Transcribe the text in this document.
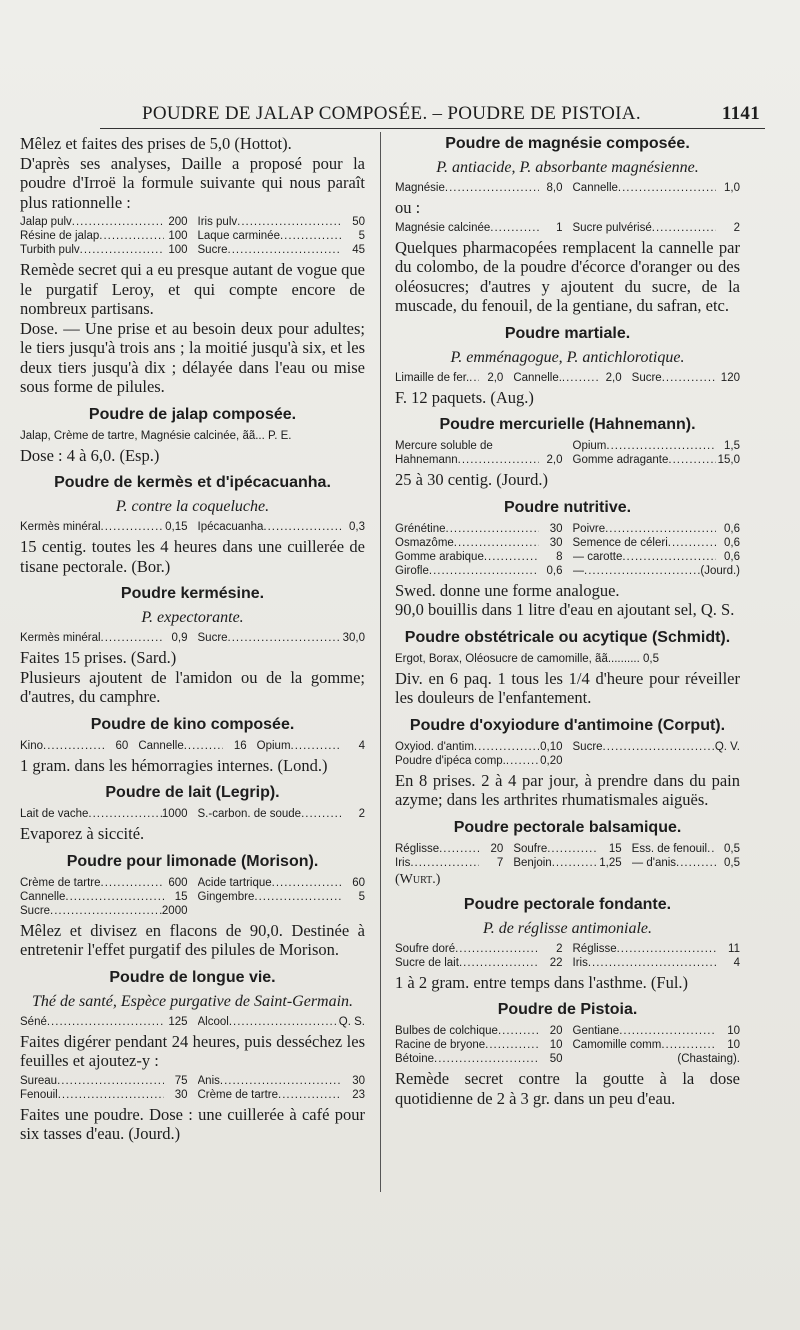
POUDRE DE JALAP COMPOSÉE. – POUDRE DE PISTOIA.	1141

Mêlez et faites des prises de 5,0 (Hottot).

D'après ses analyses, Daille a proposé pour la poudre d'Irroë la formule suivante qui nous paraît plus rationnelle :

Jalap pulv .....	200 Iris pulv .....	50
Résine de jalap .....	100 Laque carminée .....	5
Turbith pulv .....	100 Sucre .....	45

Remède secret qui a eu presque autant de vogue que le purgatif Leroy, et qui compte encore de nombreux partisans.

Dose. — Une prise et au besoin deux pour adultes; le tiers jusqu'à trois ans ; la moitié jusqu'à six, et les deux tiers jusqu'à dix ; délayée dans l'eau ou mise sous forme de pilules.

Poudre de jalap composée.
Jalap, Crème de tartre, Magnésie calcinée, ãã... P. E.

Dose : 4 à 6,0. (Esp.)

Poudre de kermès et d'ipécacuanha.

P. contre la coqueluche.

Kermès minéral .....	0,15 Ipécacuanha .....	0,3

15 centig. toutes les 4 heures dans une cuillerée de tisane pectorale. (Bor.)

Poudre kermésine.

P. expectorante.

Kermès minéral .....	0,9 Sucre .....	30,0

Faites 15 prises. (Sard.)

Plusieurs ajoutent de l'amidon ou de la gomme; d'autres, du camphre.

Poudre de kino composée.
Kino .....	60 Cannelle .....	16 Opium .....	4

1 gram. dans les hémorragies internes. (Lond.)

Poudre de lait (Legrip).
Lait de vache .....	1000 S.-carbon. de soude .....	2

Evaporez à siccité.

Poudre pour limonade (Morison).
Crème de tartre .....	600 Acide tartrique .....	60
Cannelle .....	15 Gingembre .....	5
Sucre .....	2000

Mêlez et divisez en flacons de 90,0. Destinée à entretenir l'effet purgatif des pilules de Morison.

Poudre de longue vie.

Thé de santé, Espèce purgative de Saint-Germain.

Séné .....	125 Alcool .....	Q. S.

Faites digérer pendant 24 heures, puis desséchez les feuilles et ajoutez-y :

Sureau .....	75 Anis .....	30
Fenouil .....	30 Crème de tartre .....	23

Faites une poudre. Dose : une cuillerée à café pour six tasses d'eau. (Jourd.)

Poudre de magnésie composée.

P. antiacide, P. absorbante magnésienne.

Magnésie .....	8,0 Cannelle .....	1,0

ou :

Magnésie calcinée .....	1 Sucre pulvérisé .....	2

Quelques pharmacopées remplacent la cannelle par du colombo, de la poudre d'écorce d'oranger ou des oléosucres; d'autres y ajoutent du sucre, de la muscade, du fenouil, de la gentiane, du safran, etc.

Poudre martiale.

P. emménagogue, P. antichlorotique.

Limaille de fer. .....	2,0 Cannelle. .....	2,0 Sucre .....	120

F. 12 paquets. (Aug.)

Poudre mercurielle (Hahnemann).
Mercure soluble de	Opium .....	1,5
Hahnemann .....	2,0 Gomme adragante .....	15,0

25 à 30 centig. (Jourd.)

Poudre nutritive.
Grénétine .....	30 Poivre .....	0,6
Osmazôme .....	30 Semence de céleri .....	0,6
Gomme arabique .....	8 — carotte .....	0,6
Girofle .....	0,6 — .....	(Jourd.)

Swed. donne une forme analogue.

90,0 bouillis dans 1 litre d'eau en ajoutant sel, Q. S.

Poudre obstétricale ou acytique (Schmidt).
Ergot, Borax, Oléosucre de camomille, ãã.......... 0,5

Div. en 6 paq. 1 tous les 1/4 d'heure pour réveiller les douleurs de l'enfantement.

Poudre d'oxyiodure d'antimoine (Corput).
Oxyiod. d'antim .....	0,10 Sucre .....	Q. V.
Poudre d'ipéca comp. .....	0,20

En 8 prises. 2 à 4 par jour, à prendre dans du pain azyme; dans les arthrites rhumatismales aiguës.

Poudre pectorale balsamique.
Réglisse .....	20 Soufre .....	15 Ess. de fenouil .....	0,5
Iris .....	7 Benjoin .....	1,25 — d'anis .....	0,5
(Wurt.)
Poudre pectorale fondante.

P. de réglisse antimoniale.

Soufre doré .....	2 Réglisse .....	11
Sucre de lait .....	22 Iris .....	4

1 à 2 gram. entre temps dans l'asthme. (Ful.)

Poudre de Pistoia.
Bulbes de colchique .....	20 Gentiane .....	10
Racine de bryone .....	10 Camomille comm .....	10
Bétoine .....	50	(Chastaing).

Remède secret contre la goutte à la dose quotidienne de 2 à 3 gr. dans un peu d'eau.
